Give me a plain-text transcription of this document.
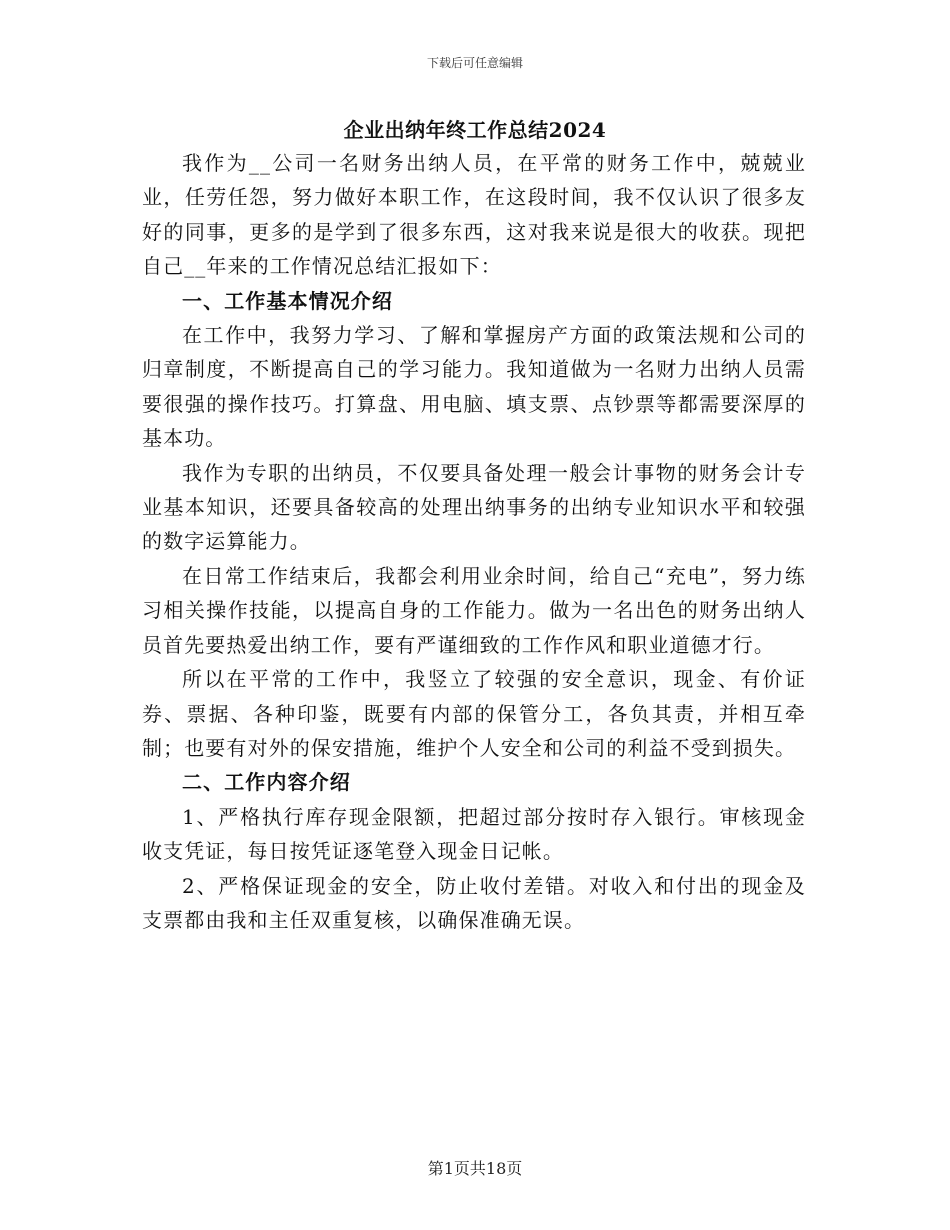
下载后可任意编辑
企业出纳年终工作总结2024

我作为__公司一名财务出纳人员，在平常的财务工作中，兢兢业业，任劳任怨，努力做好本职工作，在这段时间，我不仅认识了很多友好的同事，更多的是学到了很多东西，这对我来说是很大的收获。现把自己__年来的工作情况总结汇报如下：

一、工作基本情况介绍

在工作中，我努力学习、了解和掌握房产方面的政策法规和公司的归章制度，不断提高自己的学习能力。我知道做为一名财力出纳人员需要很强的操作技巧。打算盘、用电脑、填支票、点钞票等都需要深厚的基本功。

我作为专职的出纳员，不仅要具备处理一般会计事物的财务会计专业基本知识，还要具备较高的处理出纳事务的出纳专业知识水平和较强的数字运算能力。

在日常工作结束后，我都会利用业余时间，给自己“充电”，努力练习相关操作技能，以提高自身的工作能力。做为一名出色的财务出纳人员首先要热爱出纳工作，要有严谨细致的工作作风和职业道德才行。

所以在平常的工作中，我竖立了较强的安全意识，现金、有价证券、票据、各种印鉴，既要有内部的保管分工，各负其责，并相互牵制；也要有对外的保安措施，维护个人安全和公司的利益不受到损失。

二、工作内容介绍

1、严格执行库存现金限额，把超过部分按时存入银行。审核现金收支凭证，每日按凭证逐笔登入现金日记帐。

2、严格保证现金的安全，防止收付差错。对收入和付出的现金及支票都由我和主任双重复核，以确保准确无误。

第1页共18页
